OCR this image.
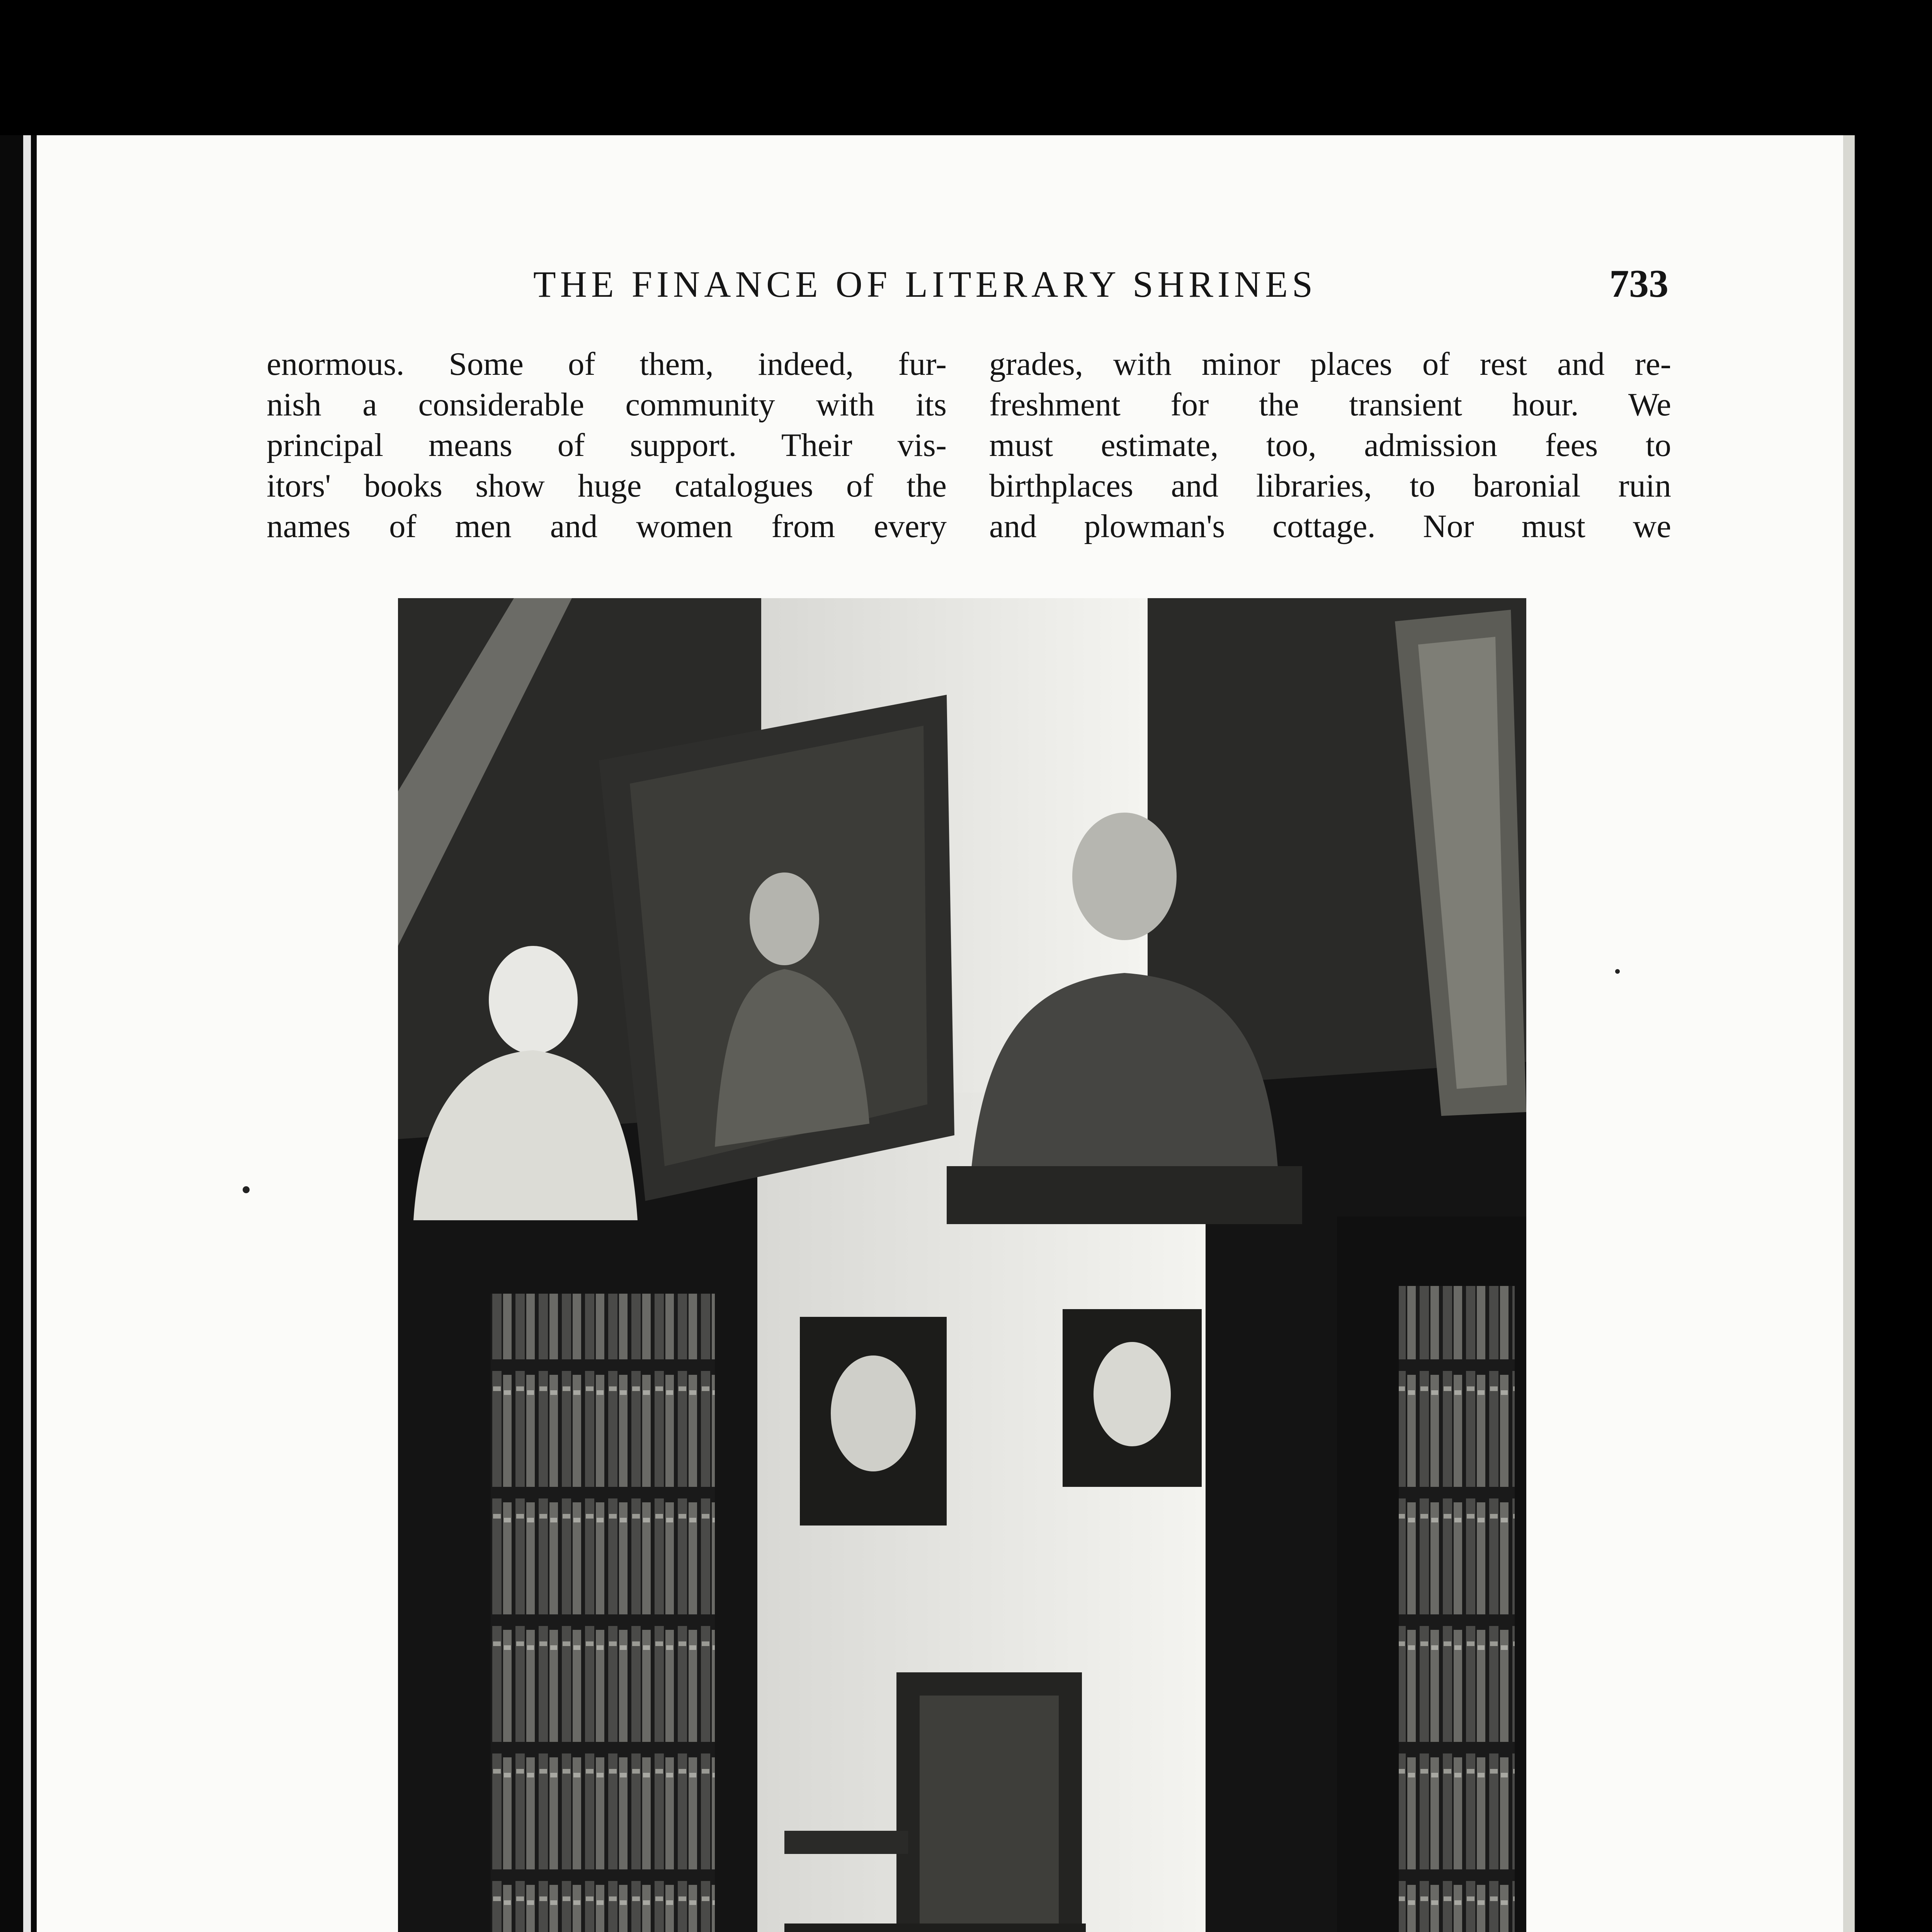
THE FINANCE OF LITERARY SHRINES	733
enormous. Some of them, indeed, fur-
nish a considerable community with its
principal means of support. Their vis-
itors' books show huge catalogues of the
names of men and women from every
grades, with minor places of rest and re-
freshment for the transient hour. We
must estimate, too, admission fees to
birthplaces and libraries, to baronial ruin
and plowman's cottage. Nor must we
